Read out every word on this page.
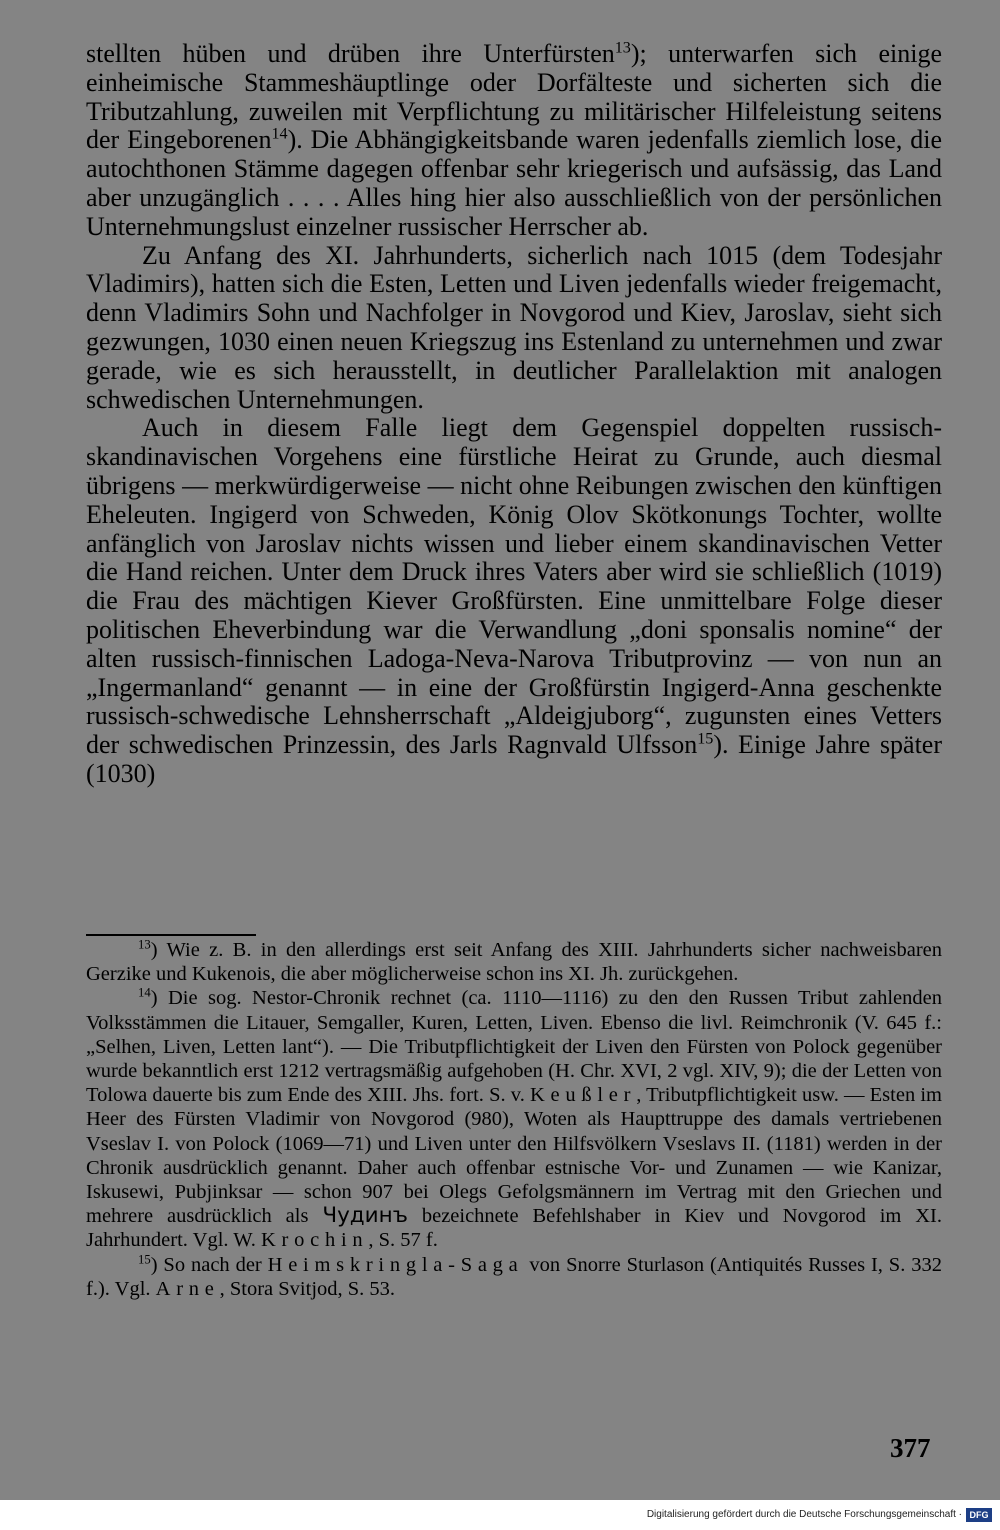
stellten hüben und drüben ihre Unterfürsten$^{13}$); unterwarfen sich einige einheimische Stammeshäuptlinge oder Dorfälteste und sicherten sich die Tributzahlung, zuweilen mit Verpflichtung zu militärischer Hilfeleistung seitens der Eingeborenen$^{14}$). Die Abhängigkeitsbande waren jedenfalls ziemlich lose, die autochthonen Stämme dagegen offenbar sehr kriegerisch und aufsässig, das Land aber unzugänglich . . . . Alles hing hier also ausschließlich von der persönlichen Unternehmungslust einzelner russischer Herrscher ab.

Zu Anfang des XI. Jahrhunderts, sicherlich nach 1015 (dem Todesjahr Vladimirs), hatten sich die Esten, Letten und Liven jedenfalls wieder freigemacht, denn Vladimirs Sohn und Nachfolger in Novgorod und Kiev, Jaroslav, sieht sich gezwungen, 1030 einen neuen Kriegszug ins Estenland zu unternehmen und zwar gerade, wie es sich herausstellt, in deutlicher Parallelaktion mit analogen schwedischen Unternehmungen.

Auch in diesem Falle liegt dem Gegenspiel doppelten russisch-skandinavischen Vorgehens eine fürstliche Heirat zu Grunde, auch diesmal übrigens — merkwürdigerweise — nicht ohne Reibungen zwischen den künftigen Eheleuten. Ingigerd von Schweden, König Olov Skötkonungs Tochter, wollte anfänglich von Jaroslav nichts wissen und lieber einem skandinavischen Vetter die Hand reichen. Unter dem Druck ihres Vaters aber wird sie schließlich (1019) die Frau des mächtigen Kiever Großfürsten. Eine unmittelbare Folge dieser politischen Eheverbindung war die Verwandlung „doni sponsalis nomine“ der alten russisch-finnischen Ladoga-Neva-Narova Tributprovinz — von nun an „Ingermanland“ genannt — in eine der Großfürstin Ingigerd-Anna geschenkte russisch-schwedische Lehnsherrschaft „Aldeigjuborg“, zugunsten eines Vetters der schwedischen Prinzessin, des Jarls Ragnvald Ulfsson$^{15}$). Einige Jahre später (1030)

$^{13}$) Wie z. B. in den allerdings erst seit Anfang des XIII. Jahrhunderts sicher nachweisbaren Gerzike und Kukenois, die aber möglicherweise schon ins XI. Jh. zurückgehen.

$^{14}$) Die sog. Nestor-Chronik rechnet (ca. 1110—1116) zu den den Russen Tribut zahlenden Volksstämmen die Litauer, Semgaller, Kuren, Letten, Liven. Ebenso die livl. Reimchronik (V. 645 f.: „Selhen, Liven, Letten lant“). — Die Tributpflichtigkeit der Liven den Fürsten von Polock gegenüber wurde bekanntlich erst 1212 vertragsmäßig aufgehoben (H. Chr. XVI, 2 vgl. XIV, 9); die der Letten von Tolowa dauerte bis zum Ende des XIII. Jhs. fort. S. v. Keußler, Tributpflichtigkeit usw. — Esten im Heer des Fürsten Vladimir von Novgorod (980), Woten als Haupttruppe des damals vertriebenen Vseslav I. von Polock (1069—71) und Liven unter den Hilfsvölkern Vseslavs II. (1181) werden in der Chronik ausdrücklich genannt. Daher auch offenbar estnische Vor- und Zunamen — wie Kanizar, Iskusewi, Pubjinksar — schon 907 bei Olegs Gefolgsmännern im Vertrag mit den Griechen und mehrere ausdrücklich als Чудинъ bezeichnete Befehlshaber in Kiev und Novgorod im XI. Jahrhundert. Vgl. W. Krochin, S. 57 f.

$^{15}$) So nach der Heimskringla-Saga von Snorre Sturlason (Antiquités Russes I, S. 332 f.). Vgl. Arne, Stora Svitjod, S. 53.

377
Digitalisierung gefördert durch die Deutsche Forschungsgemeinschaft · DFG
